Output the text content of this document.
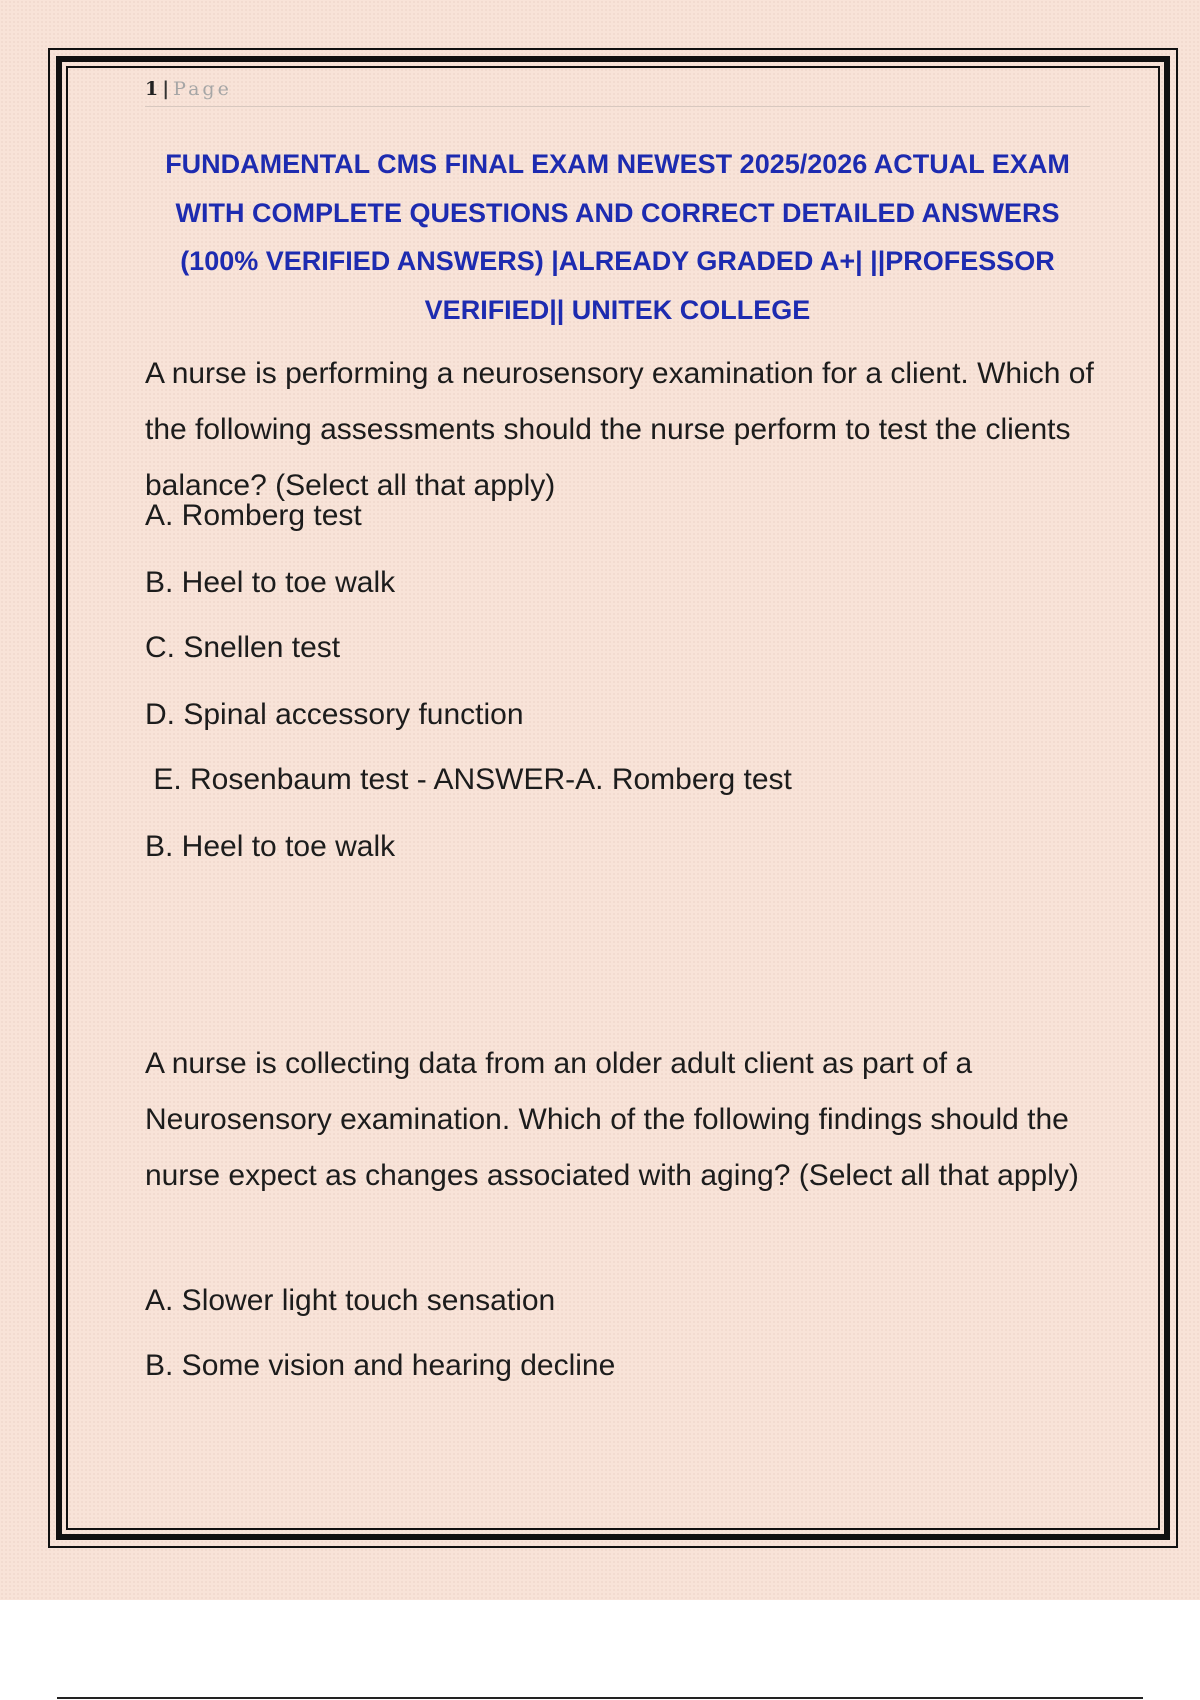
1 | Page
FUNDAMENTAL CMS FINAL EXAM NEWEST 2025/2026 ACTUAL EXAM WITH COMPLETE QUESTIONS AND CORRECT DETAILED ANSWERS (100% VERIFIED ANSWERS) |ALREADY GRADED A+| ||PROFESSOR VERIFIED|| UNITEK COLLEGE

A nurse is performing a neurosensory examination for a client. Which of the following assessments should the nurse perform to test the clients balance? (Select all that apply)

A. Romberg test

B. Heel to toe walk

C. Snellen test

D. Spinal accessory function

E. Rosenbaum test - ANSWER-A. Romberg test

B. Heel to toe walk

A nurse is collecting data from an older adult client as part of a Neurosensory examination. Which of the following findings should the nurse expect as changes associated with aging? (Select all that apply)

A. Slower light touch sensation

B. Some vision and hearing decline
